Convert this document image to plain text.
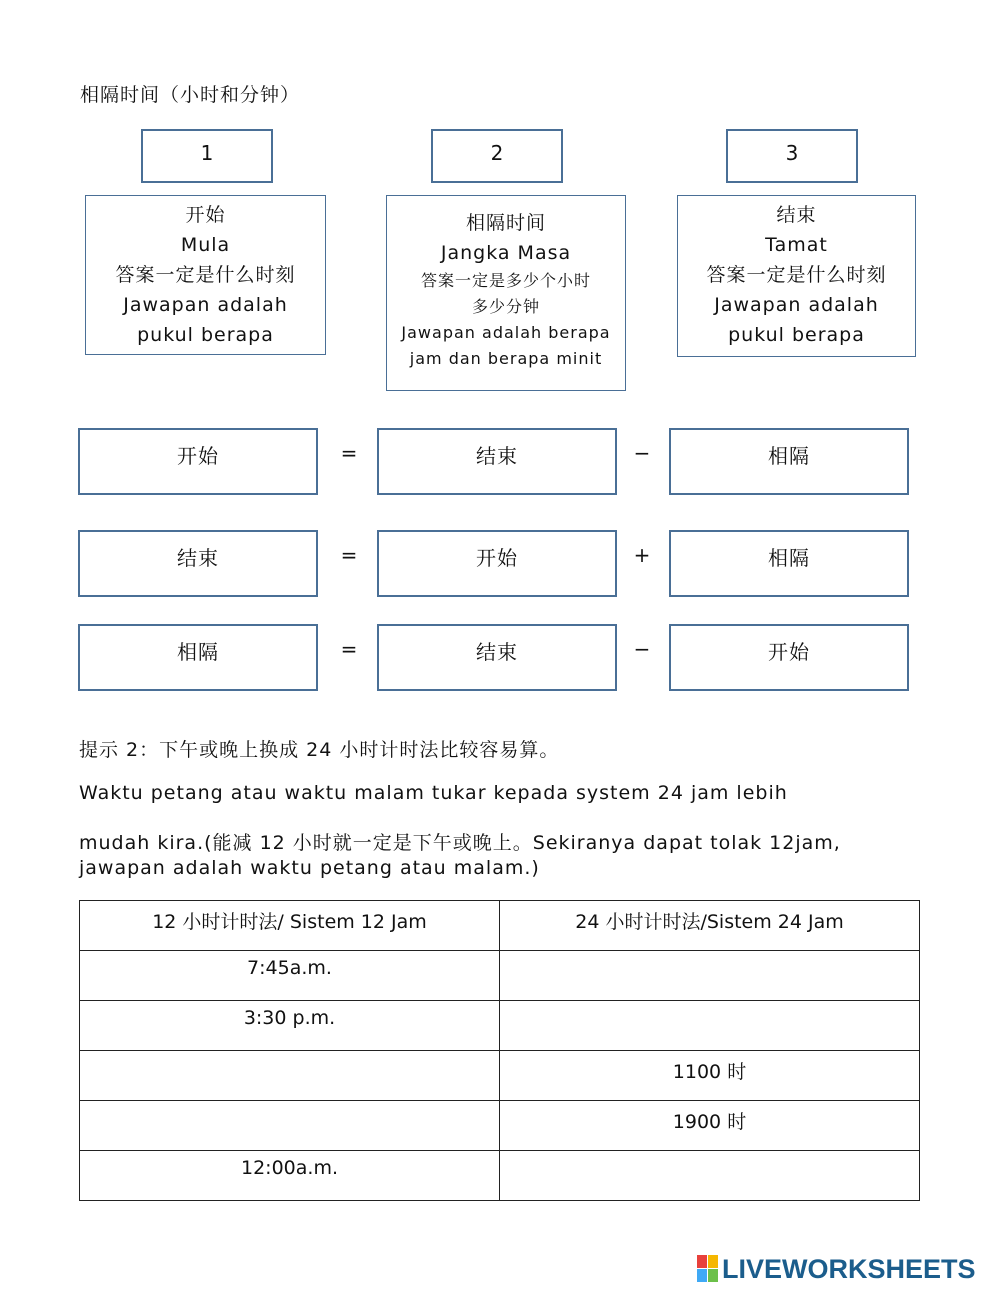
相隔时间（小时和分钟）
1	2	3
开始
Mula
答案一定是什么时刻
Jawapan adalah
pukul berapa
相隔时间
Jangka Masa
答案一定是多少个小时
多少分钟
Jawapan adalah berapa
jam dan berapa minit
结束
Tamat
答案一定是什么时刻
Jawapan adalah
pukul berapa
开始	=	结束	−	相隔
结束	=	开始	+	相隔
相隔	=	结束	−	开始
提示 2：下午或晚上换成 24 小时计时法比较容易算。
Waktu petang atau waktu malam tukar kepada system 24 jam lebih
mudah kira.(能减 12 小时就一定是下午或晚上。Sekiranya dapat tolak 12jam,
jawapan adalah waktu petang atau malam.)
12 小时计时法/ Sistem 12 Jam	24 小时计时法/Sistem 24 Jam
7:45a.m.	
3:30 p.m.	
	1100 时
	1900 时
12:00a.m.	
LIVEWORKSHEETS
